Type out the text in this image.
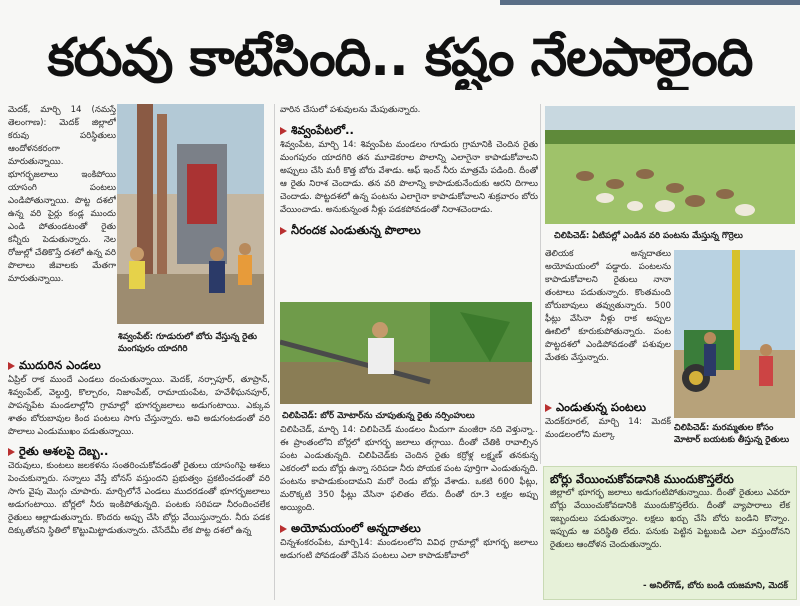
కరువు కాటేసింది.. కష్టం నేలపాలైంది

మెదక్, మార్చి 14 (నమస్తే తెలంగాణ): మెదక్ జిల్లాలో కరువు పరిస్థితులు ఆందోళనకరంగా మారుతున్నాయి. భూగర్భజలాలు ఇంకిపోయి యాసంగి పంటలు ఎండిపోతున్నాయి. పొట్ట దశలో ఉన్న వరి పైర్లు కండ్ల ముందు ఎండి పోతుండటంతో రైతు కన్నీరు పెడుతున్నారు. నెల రోజుల్లో చేతికొస్తే దశలో ఉన్న వరి పొలాలు జీవాలకు మేతగా మారుతున్నాయి.

శివ్వంపేట్: గూడురులో బోరు వేస్తున్న రైతు మంగపురం యాదగిరి
ముదురిన ఎండలు

ఏప్రిల్ రాక ముందే ఎండలు దంచుతున్నాయి. మెదక్, నర్సాపూర్, తూప్రాన్, శివ్వంపేట్, వెల్దుర్తి, కొల్చారం, నిజాంపేట్, రామాయంపేట, హవేళీఘనపూర్, పాపన్నపేట మండలాల్లోని గ్రామాల్లో భూగర్భజలాలు అడుగంటాయి. ఎక్కువ శాతం బోరుబావుల కింద పంటలు సాగు చేస్తున్నారు. అవి అడుగంటడంతో వరి పొలాలు ఎండుముఖం పడుతున్నాయి.

రైతు ఆశలపై దెబ్బ..

చెరువులు, కుంటలు జలకళను సంతరించుకోవడంతో రైతులు యాసంగిపై ఆశలు పెంచుకున్నారు. సన్నాలు వేస్తే బోనస్ వస్తుందని ప్రభుత్వం ప్రకటించడంతో వరి సాగు వైపు మొగ్గు చూపారు. మార్చిలోనే ఎండలు ముదరడంతో భూగర్భజలాలు అడుగంటాయి. బోర్లలో నీరు ఇంకిపోతున్నది. పంటకు సరిపడా నీరందించలేక రైతులు ఆల్లాడుతున్నారు. కొందరు అప్పు చేసి బోర్లు వేయిస్తున్నారు. నీరు పడక దిక్కుతోచని స్థితిలో కొట్టుమిట్టాడుతున్నారు. చేసేదేమీ లేక పొట్ట దశలో ఉన్న

వారిన చేసులో పశువులను మేపుతున్నారు.

శివ్వంపేటలో..

శివ్వంపేట, మార్చి 14: శివ్వంపేట మండలం గూడురు గ్రామానికి చెందిన రైతు మంగపురం యాదగిరి తన మూడెకరాల పొలాన్ని ఎలాగైనా కాపాడుకోవాలని అప్పులు చేసి మరీ కొత్త బోరు వేశాడు. ఆఫ్ ఇంచ్ నీరు మాత్రమే పడింది. దీంతో ఆ రైతు నిరాశ చెందాడు. తన వరి పొలాన్ని కాపాడుకునేందుకు ఆరని దిగాలు చెందాడు. పొట్టదశలో ఉన్న పంటను ఎలాగైనా కాపాడుకోవాలని శుక్రవారం బోరు వేయించాడు. అనుకున్నంత నీళ్లు పడకపోవడంతో నిరాశచెందాడు.

నీరందక ఎండుతున్న పొలాలు
చిలిపిచెడ్: బోర్ మోటార్‌ను చూపుతున్న రైతు నర్సింహులు

చిలిపిచెడ్, మార్చి 14: చిలిపిచెడ్ మండలం మీదుగా మంజీరా నది వెళ్తున్నా.. ఈ ప్రాంతంలోని బోర్లలో భూగర్భ జలాలు తగ్గాయి. దీంతో చేతికి రావాల్సిన పంట ఎండుతున్నది. చిలిపిచెడ్‌కు చెందిన రైతు కర్రోళ్ల లక్ష్మణ్ తనకున్న ఎకరంలో ఐదు బోర్లు ఉన్నా సరిపడా నీరు పోయక పంట పూర్తిగా ఎండుతున్నది. పంటను కాపాడుకుందామని మరో రెండు బోర్లు వేశాడు. ఒకటి 600 ఫీట్లు, మరొక్కటి 350 ఫీట్లు వేసినా ఫలితం లేదు. దీంతో రూ.3 లక్షల అప్పు అయ్యింది.

అయోమయంలో అన్నదాతలు

చిన్నశంకరంపేట, మార్చి14: మండలంలోని వివిధ గ్రామాల్లో భూగర్భ జలాలు అడుగంటి పోవడంతో వేసిన పంటలు ఎలా కాపాడుకోవాలో

చిలిపిచెడ్: ఏటిపల్లో ఎండిన వరి పంటను మేస్తున్న గొర్రెలు

తెలియక అన్నదాతలు అయోమయంలో పడ్డారు. పంటలను కాపాడుకోవాలని రైతులు నానా తంటాలు పడుతున్నారు. కొంతమంది బోరుబావులు తవ్వుతున్నారు. 500 ఫీట్లు వేసినా నీళ్లు రాక అప్పుల ఊబిలో కూరుకుపోతున్నారు. పంట పొట్టదశలో ఎండిపోవడంతో పశువుల మేతకు వేస్తున్నారు.

ఎండుతున్న పంటలు

మెదక్‌రూరల్, మార్చి 14: మెదక్ మండలంలోని మల్కా

చిలిపిచెడ్: మరమ్మతుల కోసం మోటార్ బయటకు తీస్తున్న రైతులు
బోర్లు వేయించుకోవడానికి ముందుకొస్తలేరు

జిల్లాలో భూగర్భ జలాలు అడుగంటిపోతున్నాయి. దీంతో రైతులు ఎవరూ బోర్లు వేయించుకోవడానికి ముందుకొస్తలేరు. దీంతో వ్యాపారాలు లేక ఇబ్బందులు పడుతున్నాం. లక్షలు ఖర్చు చేసి బోరు బండిని కొన్నాం. ఇప్పుడు ఆ పరిస్థితి లేదు. పనుకు పెట్టిన పెట్టుబడి ఎలా వస్తుందోనని రైతులు ఆందోళన చెందుతున్నారు.

- అనిల్‌గౌడ్, బోరు బండి యజమాని, మెదక్
